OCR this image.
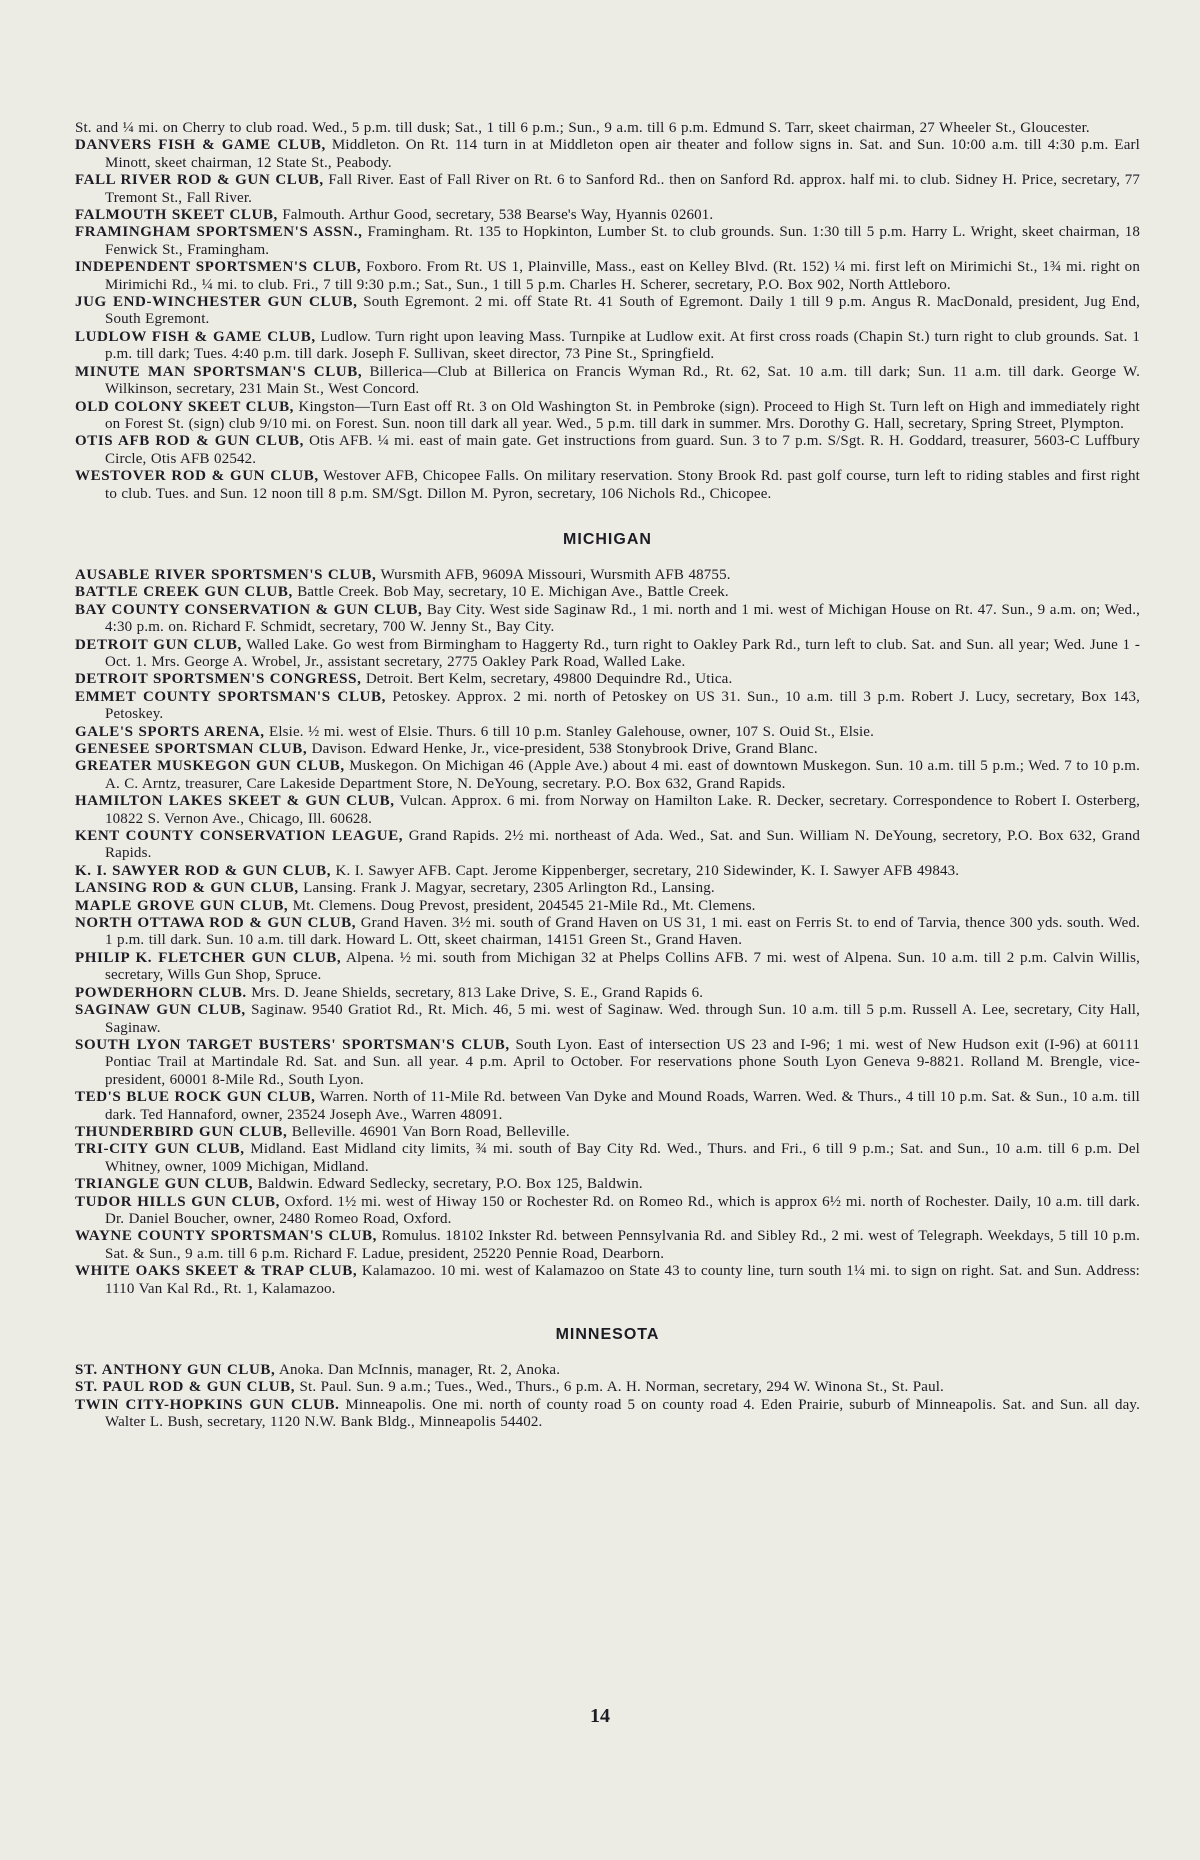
St. and ¼ mi. on Cherry to club road. Wed., 5 p.m. till dusk; Sat., 1 till 6 p.m.; Sun., 9 a.m. till 6 p.m. Edmund S. Tarr, skeet chairman, 27 Wheeler St., Gloucester.

DANVERS FISH & GAME CLUB, Middleton. On Rt. 114 turn in at Middleton open air theater and follow signs in. Sat. and Sun. 10:00 a.m. till 4:30 p.m. Earl Minott, skeet chairman, 12 State St., Peabody.

FALL RIVER ROD & GUN CLUB, Fall River. East of Fall River on Rt. 6 to Sanford Rd.. then on Sanford Rd. approx. half mi. to club. Sidney H. Price, secretary, 77 Tremont St., Fall River.

FALMOUTH SKEET CLUB, Falmouth. Arthur Good, secretary, 538 Bearse's Way, Hyannis 02601.

FRAMINGHAM SPORTSMEN'S ASSN., Framingham. Rt. 135 to Hopkinton, Lumber St. to club grounds. Sun. 1:30 till 5 p.m. Harry L. Wright, skeet chairman, 18 Fenwick St., Framingham.

INDEPENDENT SPORTSMEN'S CLUB, Foxboro. From Rt. US 1, Plainville, Mass., east on Kelley Blvd. (Rt. 152) ¼ mi. first left on Mirimichi St., 1¾ mi. right on Mirimichi Rd., ¼ mi. to club. Fri., 7 till 9:30 p.m.; Sat., Sun., 1 till 5 p.m. Charles H. Scherer, secretary, P.O. Box 902, North Attleboro.

JUG END-WINCHESTER GUN CLUB, South Egremont. 2 mi. off State Rt. 41 South of Egremont. Daily 1 till 9 p.m. Angus R. MacDonald, president, Jug End, South Egremont.

LUDLOW FISH & GAME CLUB, Ludlow. Turn right upon leaving Mass. Turnpike at Ludlow exit. At first cross roads (Chapin St.) turn right to club grounds. Sat. 1 p.m. till dark; Tues. 4:40 p.m. till dark. Joseph F. Sullivan, skeet director, 73 Pine St., Springfield.

MINUTE MAN SPORTSMAN'S CLUB, Billerica—Club at Billerica on Francis Wyman Rd., Rt. 62, Sat. 10 a.m. till dark; Sun. 11 a.m. till dark. George W. Wilkinson, secretary, 231 Main St., West Concord.

OLD COLONY SKEET CLUB, Kingston—Turn East off Rt. 3 on Old Washington St. in Pembroke (sign). Proceed to High St. Turn left on High and immediately right on Forest St. (sign) club 9/10 mi. on Forest. Sun. noon till dark all year. Wed., 5 p.m. till dark in summer. Mrs. Dorothy G. Hall, secretary, Spring Street, Plympton.

OTIS AFB ROD & GUN CLUB, Otis AFB. ¼ mi. east of main gate. Get instructions from guard. Sun. 3 to 7 p.m. S/Sgt. R. H. Goddard, treasurer, 5603-C Luffbury Circle, Otis AFB 02542.

WESTOVER ROD & GUN CLUB, Westover AFB, Chicopee Falls. On military reservation. Stony Brook Rd. past golf course, turn left to riding stables and first right to club. Tues. and Sun. 12 noon till 8 p.m. SM/Sgt. Dillon M. Pyron, secretary, 106 Nichols Rd., Chicopee.

MICHIGAN

AUSABLE RIVER SPORTSMEN'S CLUB, Wursmith AFB, 9609A Missouri, Wursmith AFB 48755.

BATTLE CREEK GUN CLUB, Battle Creek. Bob May, secretary, 10 E. Michigan Ave., Battle Creek.

BAY COUNTY CONSERVATION & GUN CLUB, Bay City. West side Saginaw Rd., 1 mi. north and 1 mi. west of Michigan House on Rt. 47. Sun., 9 a.m. on; Wed., 4:30 p.m. on. Richard F. Schmidt, secretary, 700 W. Jenny St., Bay City.

DETROIT GUN CLUB, Walled Lake. Go west from Birmingham to Haggerty Rd., turn right to Oakley Park Rd., turn left to club. Sat. and Sun. all year; Wed. June 1 - Oct. 1. Mrs. George A. Wrobel, Jr., assistant secretary, 2775 Oakley Park Road, Walled Lake.

DETROIT SPORTSMEN'S CONGRESS, Detroit. Bert Kelm, secretary, 49800 Dequindre Rd., Utica.

EMMET COUNTY SPORTSMAN'S CLUB, Petoskey. Approx. 2 mi. north of Petoskey on US 31. Sun., 10 a.m. till 3 p.m. Robert J. Lucy, secretary, Box 143, Petoskey.

GALE'S SPORTS ARENA, Elsie. ½ mi. west of Elsie. Thurs. 6 till 10 p.m. Stanley Galehouse, owner, 107 S. Ouid St., Elsie.

GENESEE SPORTSMAN CLUB, Davison. Edward Henke, Jr., vice-president, 538 Stonybrook Drive, Grand Blanc.

GREATER MUSKEGON GUN CLUB, Muskegon. On Michigan 46 (Apple Ave.) about 4 mi. east of downtown Muskegon. Sun. 10 a.m. till 5 p.m.; Wed. 7 to 10 p.m. A. C. Arntz, treasurer, Care Lakeside Department Store, N. DeYoung, secretary. P.O. Box 632, Grand Rapids.

HAMILTON LAKES SKEET & GUN CLUB, Vulcan. Approx. 6 mi. from Norway on Hamilton Lake. R. Decker, secretary. Correspondence to Robert I. Osterberg, 10822 S. Vernon Ave., Chicago, Ill. 60628.

KENT COUNTY CONSERVATION LEAGUE, Grand Rapids. 2½ mi. northeast of Ada. Wed., Sat. and Sun. William N. DeYoung, secretory, P.O. Box 632, Grand Rapids.

K. I. SAWYER ROD & GUN CLUB, K. I. Sawyer AFB. Capt. Jerome Kippenberger, secretary, 210 Sidewinder, K. I. Sawyer AFB 49843.

LANSING ROD & GUN CLUB, Lansing. Frank J. Magyar, secretary, 2305 Arlington Rd., Lansing.

MAPLE GROVE GUN CLUB, Mt. Clemens. Doug Prevost, president, 204545 21-Mile Rd., Mt. Clemens.

NORTH OTTAWA ROD & GUN CLUB, Grand Haven. 3½ mi. south of Grand Haven on US 31, 1 mi. east on Ferris St. to end of Tarvia, thence 300 yds. south. Wed. 1 p.m. till dark. Sun. 10 a.m. till dark. Howard L. Ott, skeet chairman, 14151 Green St., Grand Haven.

PHILIP K. FLETCHER GUN CLUB, Alpena. ½ mi. south from Michigan 32 at Phelps Collins AFB. 7 mi. west of Alpena. Sun. 10 a.m. till 2 p.m. Calvin Willis, secretary, Wills Gun Shop, Spruce.

POWDERHORN CLUB. Mrs. D. Jeane Shields, secretary, 813 Lake Drive, S. E., Grand Rapids 6.

SAGINAW GUN CLUB, Saginaw. 9540 Gratiot Rd., Rt. Mich. 46, 5 mi. west of Saginaw. Wed. through Sun. 10 a.m. till 5 p.m. Russell A. Lee, secretary, City Hall, Saginaw.

SOUTH LYON TARGET BUSTERS' SPORTSMAN'S CLUB, South Lyon. East of intersection US 23 and I-96; 1 mi. west of New Hudson exit (I-96) at 60111 Pontiac Trail at Martindale Rd. Sat. and Sun. all year. 4 p.m. April to October. For reservations phone South Lyon Geneva 9-8821. Rolland M. Brengle, vice-president, 60001 8-Mile Rd., South Lyon.

TED'S BLUE ROCK GUN CLUB, Warren. North of 11-Mile Rd. between Van Dyke and Mound Roads, Warren. Wed. & Thurs., 4 till 10 p.m. Sat. & Sun., 10 a.m. till dark. Ted Hannaford, owner, 23524 Joseph Ave., Warren 48091.

THUNDERBIRD GUN CLUB, Belleville. 46901 Van Born Road, Belleville.

TRI-CITY GUN CLUB, Midland. East Midland city limits, ¾ mi. south of Bay City Rd. Wed., Thurs. and Fri., 6 till 9 p.m.; Sat. and Sun., 10 a.m. till 6 p.m. Del Whitney, owner, 1009 Michigan, Midland.

TRIANGLE GUN CLUB, Baldwin. Edward Sedlecky, secretary, P.O. Box 125, Baldwin.

TUDOR HILLS GUN CLUB, Oxford. 1½ mi. west of Hiway 150 or Rochester Rd. on Romeo Rd., which is approx 6½ mi. north of Rochester. Daily, 10 a.m. till dark. Dr. Daniel Boucher, owner, 2480 Romeo Road, Oxford.

WAYNE COUNTY SPORTSMAN'S CLUB, Romulus. 18102 Inkster Rd. between Pennsylvania Rd. and Sibley Rd., 2 mi. west of Telegraph. Weekdays, 5 till 10 p.m. Sat. & Sun., 9 a.m. till 6 p.m. Richard F. Ladue, president, 25220 Pennie Road, Dearborn.

WHITE OAKS SKEET & TRAP CLUB, Kalamazoo. 10 mi. west of Kalamazoo on State 43 to county line, turn south 1¼ mi. to sign on right. Sat. and Sun. Address: 1110 Van Kal Rd., Rt. 1, Kalamazoo.

MINNESOTA

ST. ANTHONY GUN CLUB, Anoka. Dan McInnis, manager, Rt. 2, Anoka.

ST. PAUL ROD & GUN CLUB, St. Paul. Sun. 9 a.m.; Tues., Wed., Thurs., 6 p.m. A. H. Norman, secretary, 294 W. Winona St., St. Paul.

TWIN CITY-HOPKINS GUN CLUB. Minneapolis. One mi. north of county road 5 on county road 4. Eden Prairie, suburb of Minneapolis. Sat. and Sun. all day. Walter L. Bush, secretary, 1120 N.W. Bank Bldg., Minneapolis 54402.

14
